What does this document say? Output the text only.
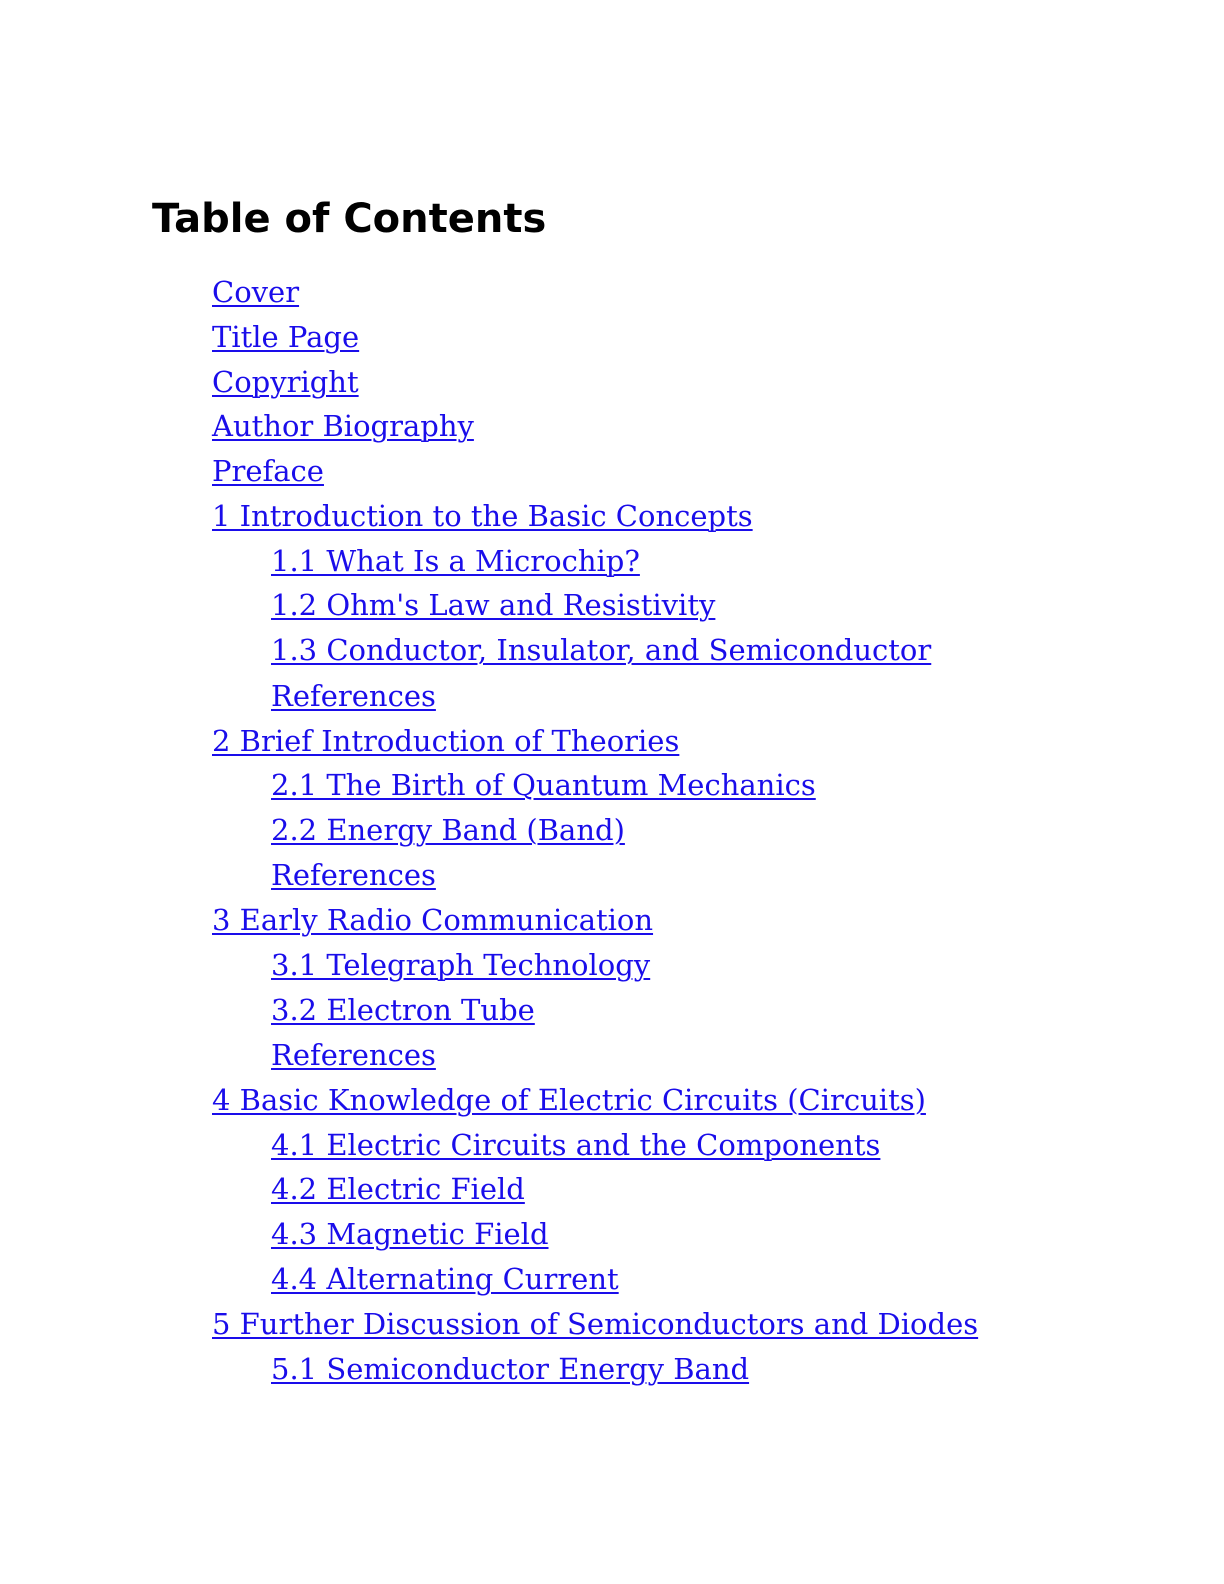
Table of Contents
Cover
Title Page
Copyright
Author Biography
Preface
1 Introduction to the Basic Concepts
1.1 What Is a Microchip?
1.2 Ohm's Law and Resistivity
1.3 Conductor, Insulator, and Semiconductor
References
2 Brief Introduction of Theories
2.1 The Birth of Quantum Mechanics
2.2 Energy Band (Band)
References
3 Early Radio Communication
3.1 Telegraph Technology
3.2 Electron Tube
References
4 Basic Knowledge of Electric Circuits (Circuits)
4.1 Electric Circuits and the Components
4.2 Electric Field
4.3 Magnetic Field
4.4 Alternating Current
5 Further Discussion of Semiconductors and Diodes
5.1 Semiconductor Energy Band
